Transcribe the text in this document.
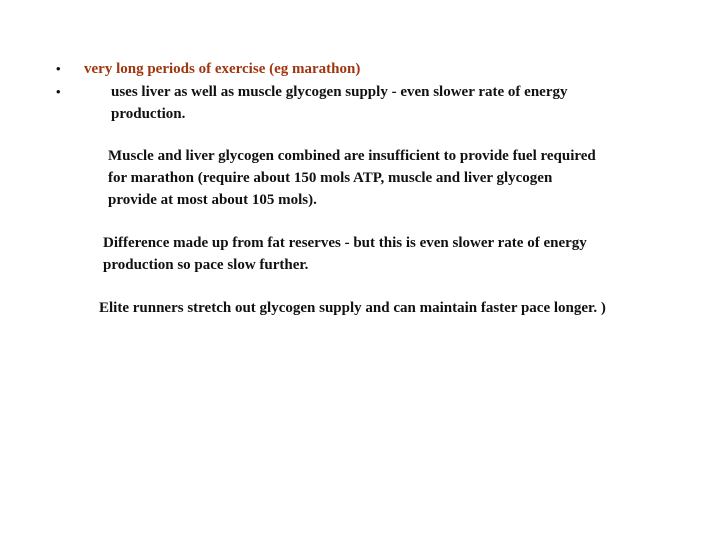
• very long periods of exercise (eg marathon)
•	uses liver as well as muscle glycogen supply - even slower rate of energy
production.
Muscle and liver glycogen combined are insufficient to provide fuel required
for marathon (require about 150 mols ATP, muscle and liver glycogen
provide at most about 105 mols).
Difference made up from fat reserves - but this is even slower rate of energy
production so pace slow further.
Elite runners stretch out glycogen supply and can maintain faster pace longer. )
